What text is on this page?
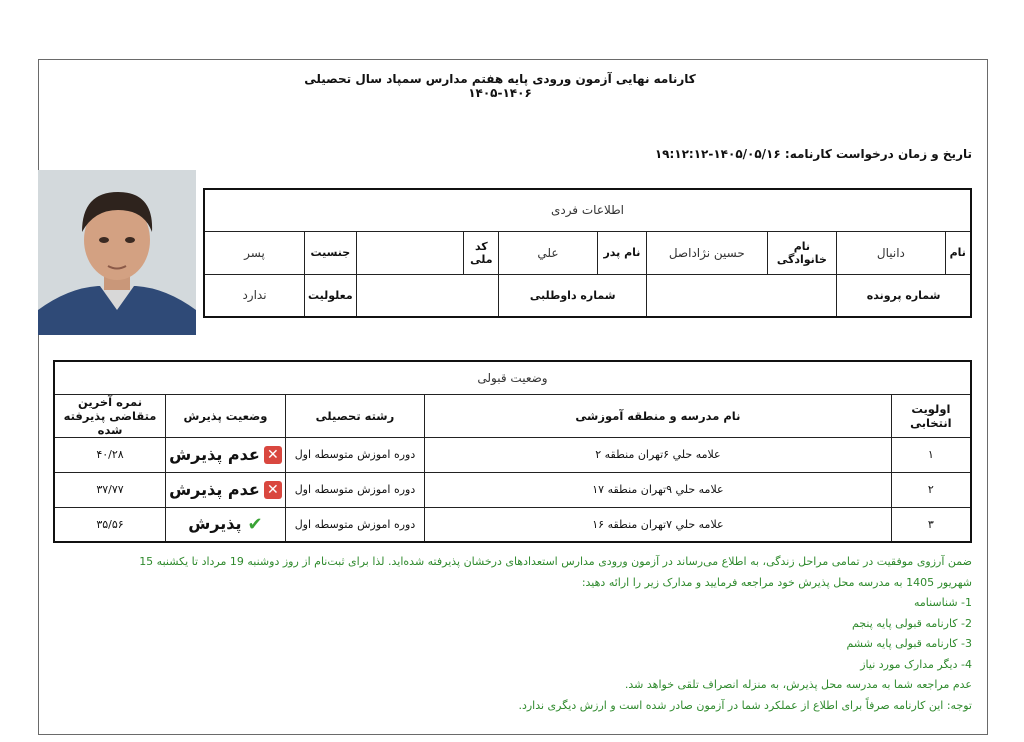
کارنامه نهایی آزمون ورودی پایه هفتم مدارس سمپاد سال تحصیلی ۱۴۰۶-۱۴۰۵
تاریخ و زمان درخواست کارنامه: ۱۴۰۵/۰۵/۱۶-۱۹:۱۲:۱۲
اطلاعات فردی									
نام	دانیال	نام خانوادگی	حسین نژاداصل	نام پدر	علي	کد ملی		جنسیت	پسر
شماره پرونده				شماره داوطلبی				معلولیت	ندارد
وضعیت قبولی				
اولویت انتخابی	نام مدرسه و منطقه آموزشی	رشته تحصیلی	وضعیت پذیرش	نمره آخرین متقاضی پذیرفته شده
۱	علامه حلي ۶تهران منطقه ۲	دوره اموزش متوسطه اول	✕عدم پذیرش	۴۰/۲۸
۲	علامه حلي ۹تهران منطقه ۱۷	دوره اموزش متوسطه اول	✕عدم پذیرش	۳۷/۷۷
۳	علامه حلي ۷تهران منطقه ۱۶	دوره اموزش متوسطه اول	✔پذیرش	۳۵/۵۶

ضمن آرزوی موفقیت در تمامی مراحل زندگی، به اطلاع می‌رساند در آزمون ورودی مدارس استعدادهای درخشان پذیرفته شده‌اید. لذا برای ثبت‌نام از روز دوشنبه 19 مرداد تا یکشنبه 15

شهریور 1405 به مدرسه محل پذیرش خود مراجعه فرمایید و مدارک زیر را ارائه دهید:

1- شناسنامه

2- کارنامه قبولی پایه پنجم

3- کارنامه قبولی پایه ششم

4- دیگر مدارک مورد نیاز

عدم مراجعه شما به مدرسه محل پذیرش، به منزله انصراف تلقی خواهد شد.

توجه: این کارنامه صرفاً برای اطلاع از عملکرد شما در آزمون صادر شده است و ارزش دیگری ندارد.
